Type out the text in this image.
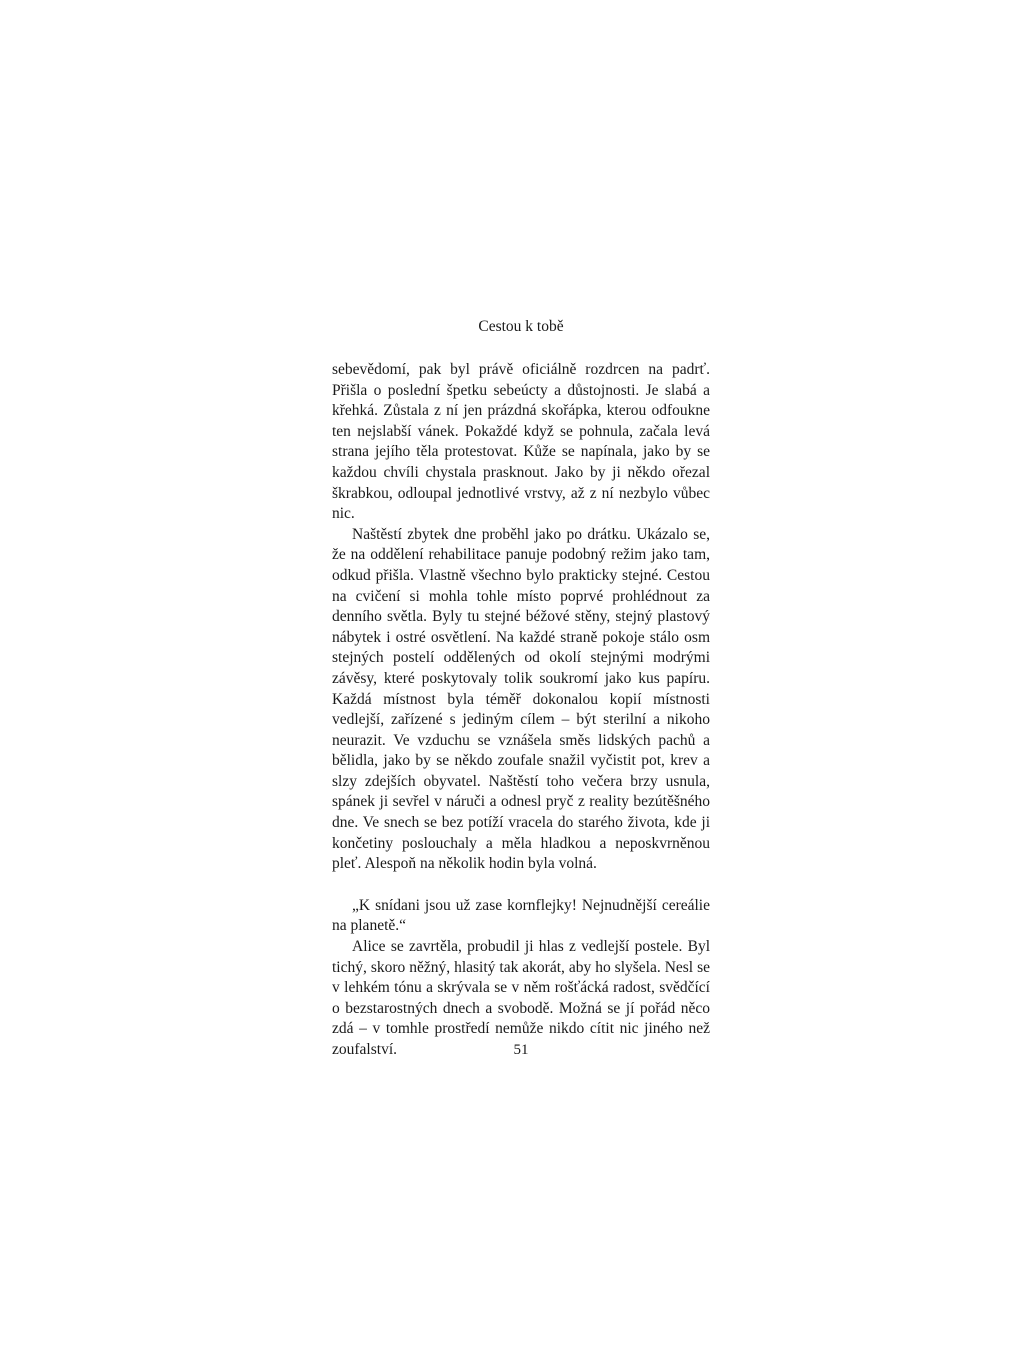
Cestou k tobě

sebevědomí, pak byl právě oficiálně rozdrcen na padrť. Přišla o poslední špetku sebeúcty a důstojnosti. Je slabá a křehká. Zůstala z ní jen prázdná skořápka, kterou odfoukne ten nejslabší vánek. Pokaždé když se pohnula, začala levá strana jejího těla protestovat. Kůže se napínala, jako by se každou chvíli chystala prasknout. Jako by ji někdo ořezal škrabkou, odloupal jednotlivé vrstvy, až z ní nezbylo vůbec nic.

Naštěstí zbytek dne proběhl jako po drátku. Ukázalo se, že na oddělení rehabilitace panuje podobný režim jako tam, odkud přišla. Vlastně všechno bylo prakticky stejné. Cestou na cvičení si mohla tohle místo poprvé prohlédnout za denního světla. Byly tu stejné béžové stěny, stejný plastový nábytek i ostré osvětlení. Na každé straně pokoje stálo osm stejných postelí oddělených od okolí stejnými modrými závěsy, které poskytovaly tolik soukromí jako kus papíru. Každá místnost byla téměř dokonalou kopií místnosti vedlejší, zařízené s jediným cílem – být sterilní a nikoho neurazit. Ve vzduchu se vznášela směs lidských pachů a bělidla, jako by se někdo zoufale snažil vyčistit pot, krev a slzy zdejších obyvatel. Naštěstí toho večera brzy usnula, spánek ji sevřel v náruči a odnesl pryč z reality bezútěšného dne. Ve snech se bez potíží vracela do starého života, kde ji končetiny poslouchaly a měla hladkou a neposkvrněnou pleť. Alespoň na několik hodin byla volná.

„K snídani jsou už zase kornflejky! Nejnudnější cereálie na planetě.“

Alice se zavrtěla, probudil ji hlas z vedlejší postele. Byl tichý, skoro něžný, hlasitý tak akorát, aby ho slyšela. Nesl se v lehkém tónu a skrývala se v něm rošťácká radost, svědčící o bezstarostných dnech a svobodě. Možná se jí pořád něco zdá – v tomhle prostředí nemůže nikdo cítit nic jiného než zoufalství.	51
